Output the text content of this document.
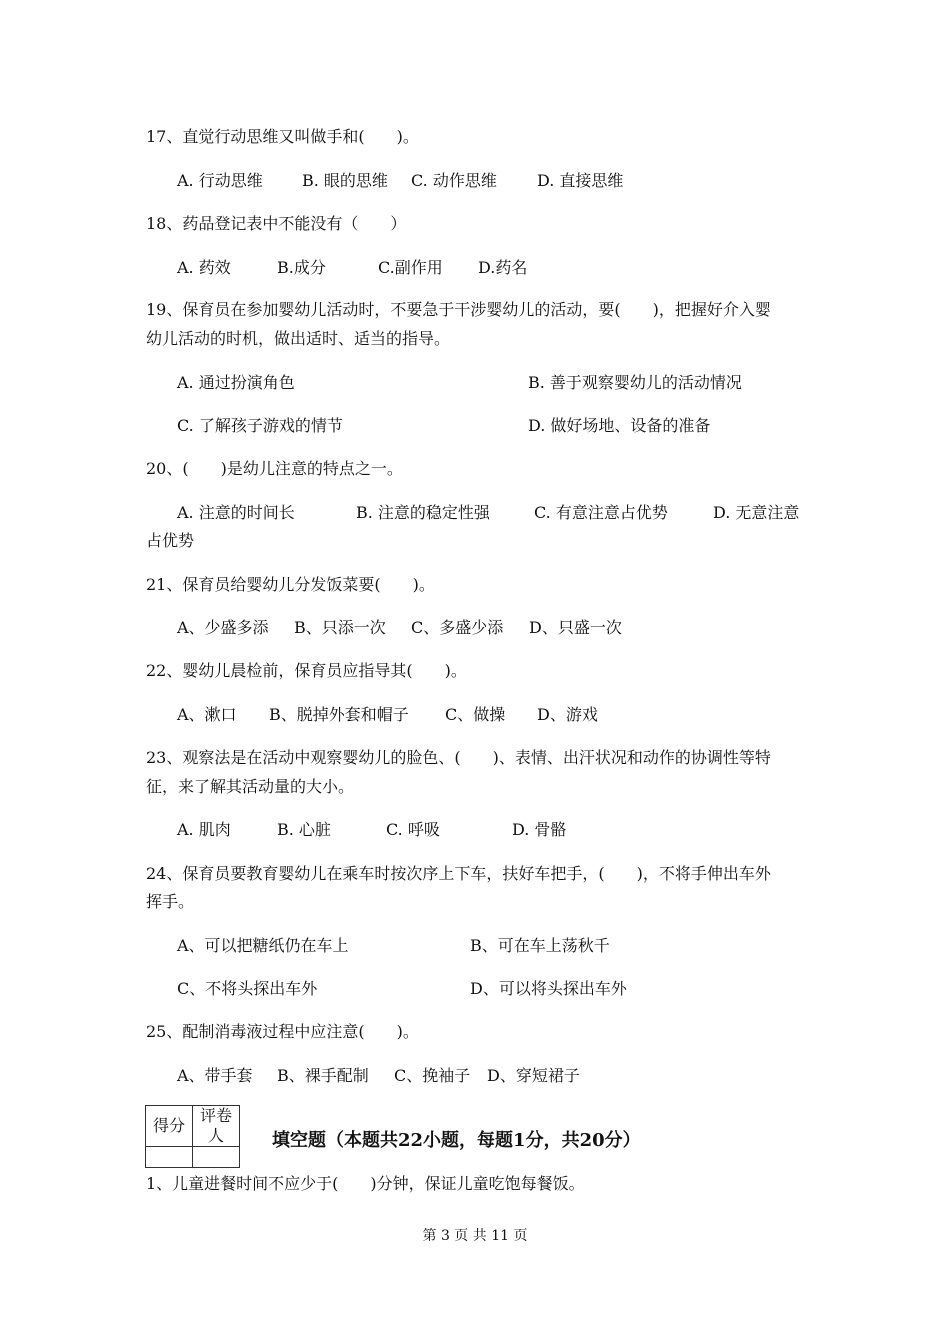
17、直觉行动思维又叫做手和(　　)。
A. 行动思维 B. 眼的思维 C. 动作思维	D. 直接思维
18、药品登记表中不能没有（　　）
A. 药效	B.成分	C.副作用 D.药名
19、保育员在参加婴幼儿活动时，不要急于干涉婴幼儿的活动，要(　　)，把握好介入婴
幼儿活动的时机，做出适时、适当的指导。
A. 通过扮演角色	B. 善于观察婴幼儿的活动情况
C. 了解孩子游戏的情节	D. 做好场地、设备的准备
20、(　　)是幼儿注意的特点之一。
A. 注意的时间长	B. 注意的稳定性强	C. 有意注意占优势	D. 无意注意
占优势
21、保育员给婴幼儿分发饭菜要(　　)。
A、少盛多添 B、只添一次 C、多盛少添 D、只盛一次
22、婴幼儿晨检前，保育员应指导其(　　)。
A、漱口 B、脱掉外套和帽子 C、做操 D、游戏
23、观察法是在活动中观察婴幼儿的脸色、(　　)、表情、出汗状况和动作的协调性等特
征，来了解其活动量的大小。
A. 肌肉	B. 心脏	C. 呼吸	D. 骨骼
24、保育员要教育婴幼儿在乘车时按次序上下车，扶好车把手，(　　)，不将手伸出车外
挥手。
A、可以把糖纸仍在车上	B、可在车上荡秋千
C、不将头探出车外	D、可以将头探出车外
25、配制消毒液过程中应注意(　　)。
A、带手套 B、裸手配制 C、挽袖子 D、穿短裙子
得分	评卷人
		填空题（本题共22小题，每题1分，共20分）
1、儿童进餐时间不应少于(　　)分钟，保证儿童吃饱每餐饭。
第 3 页 共 11 页
